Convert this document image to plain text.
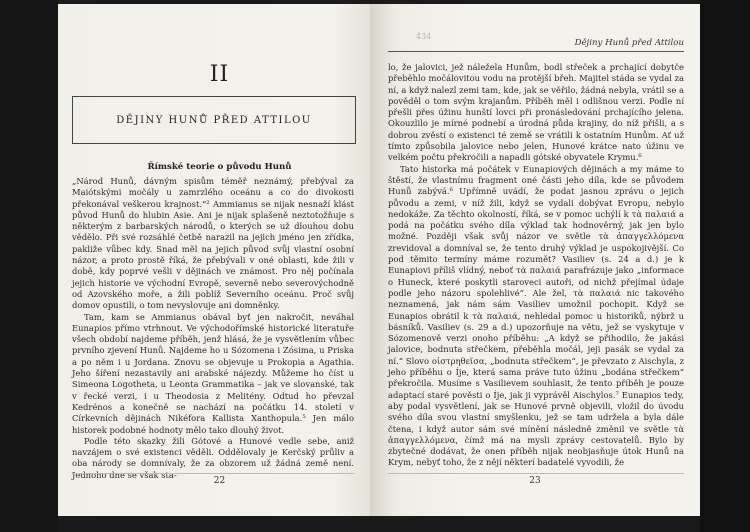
II
DĚJINY HUNŮ PŘED ATTILOU
Římské teorie o původu Hunů

„Národ Hunů, dávným spisům téměř neznámý, přebýval za Maiótskými močály u zamrzlého oceánu a co do divokosti překonával veškerou krajnost.“² Ammianus se nijak nesnaží klást původ Hunů do hlubin Asie. Ani je nijak splašeně neztotožňuje s některým z barbarských národů, o kterých se už dlouhou dobu vědělo. Při své rozsáhlé četbě narazil na jejich jméno jen zřídka, pakliže vůbec kdy. Snad měl na jejich původ svůj vlastní osobní názor, a proto prostě říká, že přebývali v oné oblasti, kde žili v době, kdy poprvé vešli v dějinách ve známost. Pro něj počínala jejich historie ve východní Evropě, severně nebo severovýchodně od Azovského moře, a žili poblíž Severního oceánu. Proč svůj domov opustili, o tom nevyslovuje ani domněnky.

Tam, kam se Ammianus obával byť jen nakročit, neváhal Eunapios přímo vtrhnout. Ve východořímské historické literatuře všech období najdeme příběh, jenž hlásá, že je vysvětlením vůbec prvního zjevení Hunů. Najdeme ho u Sózomena i Zósima, u Priska a po něm i u Jordana. Znovu se objevuje u Prokopia a Agathia. Jeho šíření nezastavily ani arabské nájezdy. Můžeme ho číst u Simeona Logotheta, u Leonta Grammatika – jak ve slovanské, tak v řecké verzi, i u Theodosia z Melitény. Odtud ho převzal Kedrénos a konečně se nachází na počátku 14. století v Církevních dějinách Nikéfora Kallista Xanthopula.⁵ Jen málo historek podobné hodnoty mělo tako dlouhý život.

Podle této skazky žili Gótové a Hunové vedle sebe, aniž navzájem o své existenci věděli. Oddělovaly je Kerčský průliv a oba národy se domnívaly, že za obzorem už žádná země není. Jednoho dne se však sta-

22
434
Dějiny Hunů před Attilou

lo, že jalovici, jež náležela Hunům, bodl střeček a prchající dobytče přeběhlo močálovitou vodu na protější břeh. Majitel stáda se vydal za ní, a když nalezl zemi tam, kde, jak se věřilo, žádná nebyla, vrátil se a pověděl o tom svým krajanům. Příběh měl i odlišnou verzi. Podle ní přešli přes úžinu hunští lovci při pronásledování prchajícího jelena. Okouzlilo je mírné podnebí a úrodná půda krajiny, do níž přišli, a s dobrou zvěstí o existenci té země se vrátili k ostatním Hunům. Ať už tímto způsobila jalovice nebo jelen, Hunové krátce nato úžinu ve velkém počtu překročili a napadli gótské obyvatele Krymu.⁶

Tato historka má počátek v Eunapiových dějinách a my máme to štěstí, že vlastnímu fragment oné části jeho díla, kde se původem Hunů zabývá.⁶ Upřímně uvádí, že podat jasnou zprávu o jejich původu a zemi, v níž žili, když se vydali dobývat Evropu, nebylo nedokáže. Za těchto okolností, říká, se v pomoc uchýlí k τὰ παλαιά a podá na počátku svého díla výklad tak hodnověrný, jak jen bylo možné. Později však svůj názor ve světle τὰ ἀπαγγελλόμενα zrevidoval a domníval se, že tento druhý výklad je uspokojivější. Co pod těmito termíny máme rozumět? Vasiliev (s. 24 a d.) je k Eunapiovi příliš vlídný, neboť τὰ παλαιά parafrázuje jako „informace o Huneck, které poskytli staroveci autoři, od nichž přejímal údaje podle jeho názoru spolehlivé“. Ale žel, τὰ παλαιά nic takového neznamená, jak nám sám Vasiliev umožnil pochopit. Když se Eunapios obrátil k τὰ παλαιά, nehledal pomoc u historiků, nýbrž u básníků. Vasiliev (s. 29 a d.) upozorňuje na větu, jež se vyskytuje v Sózomenově verzi onoho příběhu: „A když se přihodilo, že jakási jalovice, bodnuta střečkem, přeběhla močál, jeji pasák se vydal za ní.“ Slovo οἰστρηθεῖσα, „bodnuta střečkem“, je převzato z Aischyla, z jeho příběhu o Íje, která sama práve tuto úžinu „bodána střečkem“ překročila. Musíme s Vasilievem souhlasit, že tento příběh je pouze adaptací staré pověsti o Íje, jak ji vyprávěl Aischylos.⁷ Eunapios tedy, aby podal vysvětlení, jak se Hunové prvně objevili, vložil do úvodu svého díla svou vlastní smyšlenku, jež se tam udržela a byla dále čtena, i když autor sám své mínění následně změnil ve světle τὰ ἀπαγγελλόμενα, čímž má na mysli zprávy cestovatelů. Bylo by zbytečné dodávat, že onen příběh nijak neobjasňuje útok Hunů na Krym, nebyť toho, že z nějí některí badatelé vyvodili, že

23
